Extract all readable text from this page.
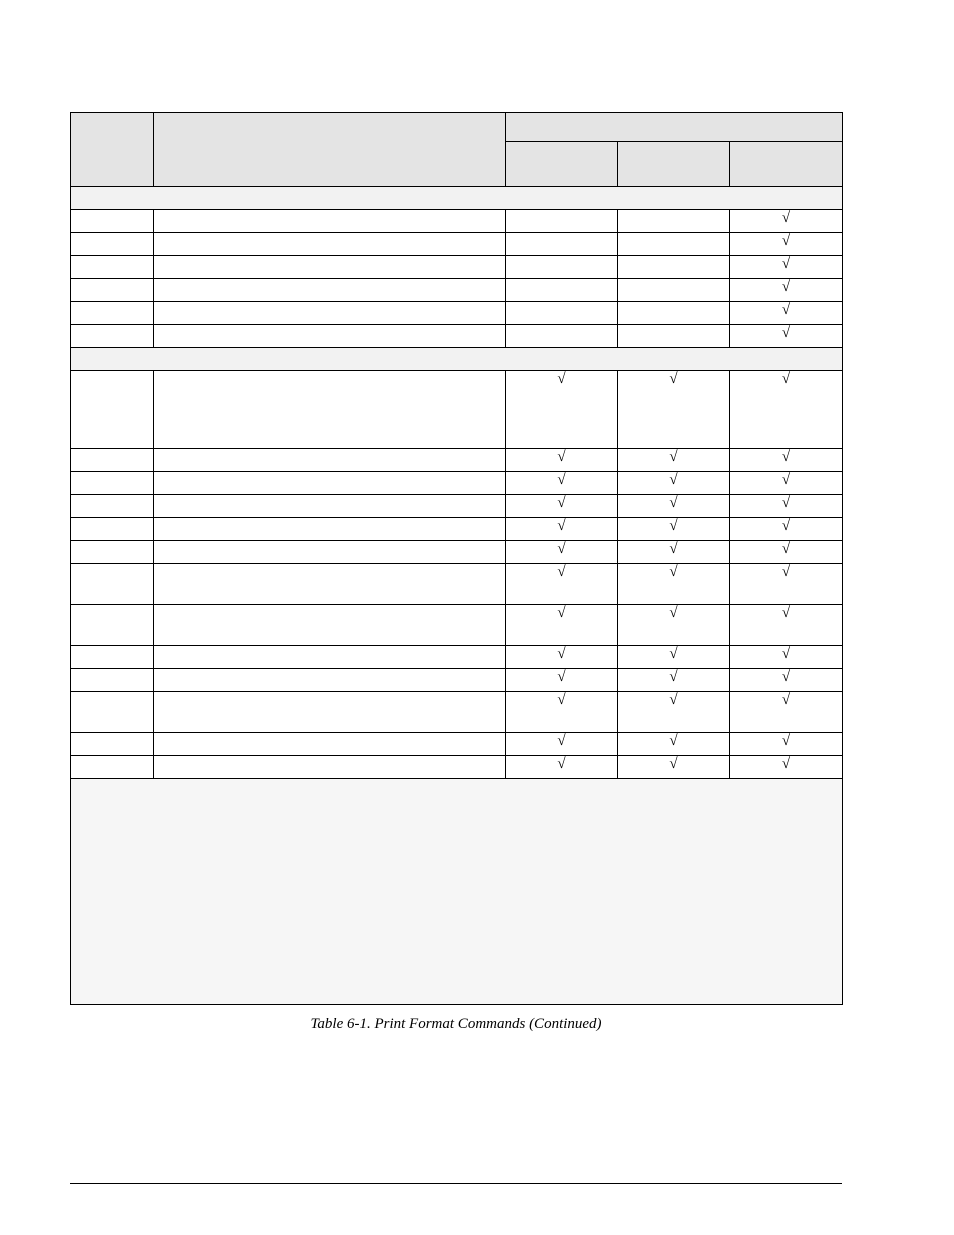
				√
				√
				√
				√
				√
				√

		√	√	√
		√	√	√
		√	√	√
		√	√	√
		√	√	√
		√	√	√
		√	√	√
		√	√	√
		√	√	√
		√	√	√
		√	√	√
		√	√	√
		√	√	√

Table 6-1. Print Format Commands (Continued)
